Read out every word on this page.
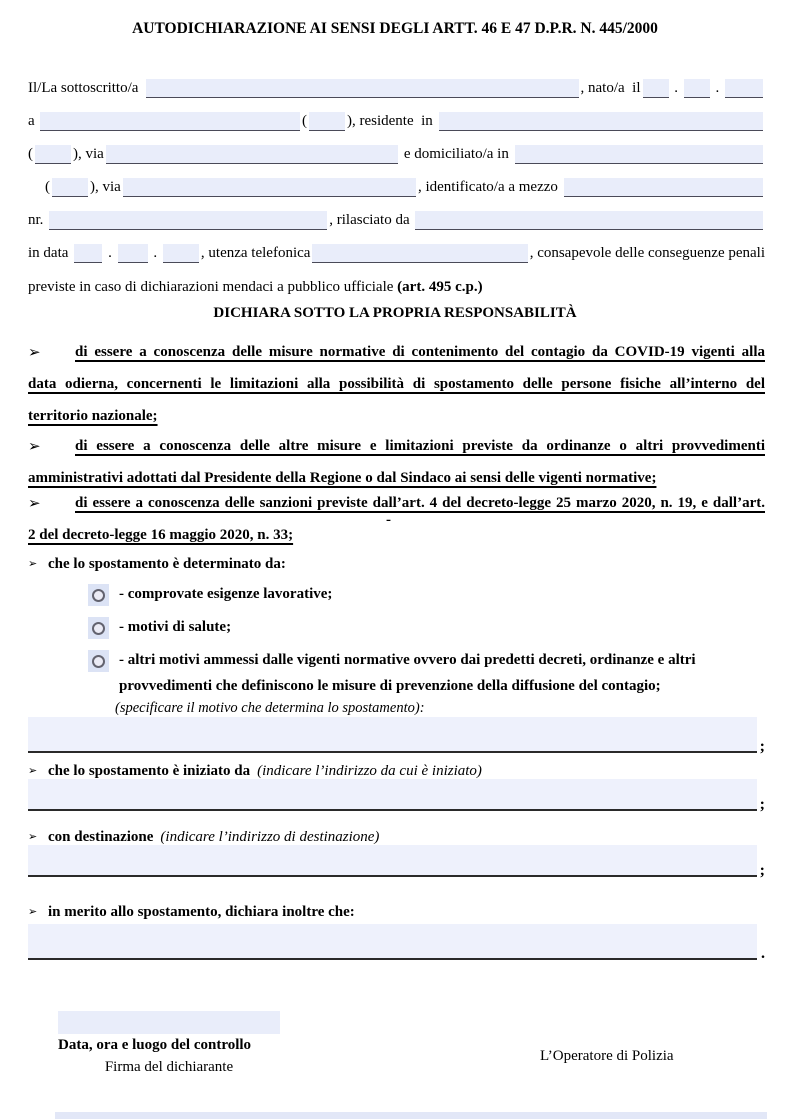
AUTODICHIARAZIONE AI SENSI DEGLI ARTT. 46 E 47 D.P.R. N. 445/2000
Il/La sottoscritto/a	, nato/a  il . .
a	(	), residente  in
(	), via	e domiciliato/a in
(	), via	, identificato/a a mezzo
nr.	, rilasciato da
in data . .	, utenza telefonica	, consapevole delle conseguenze penali
previste in caso di dichiarazioni mendaci a pubblico ufficiale (art. 495 c.p.)
DICHIARA SOTTO LA PROPRIA RESPONSABILITÀ
➢	di essere a conoscenza delle misure normative di contenimento del contagio da COVID-19 vigenti alla
data odierna, concernenti le limitazioni alla possibilità di spostamento delle persone fisiche all’interno del
territorio nazionale;
➢	di essere a conoscenza delle altre misure e limitazioni previste da ordinanze o altri provvedimenti
amministrativi adottati dal Presidente della Regione o dal Sindaco ai sensi delle vigenti normative;
➢	di essere a conoscenza delle sanzioni previste dall’art. 4 del decreto-legge 25 marzo 2020, n. 19, e dall’art.
2 del decreto-legge 16 maggio 2020, n. 33;
-
➢ che lo spostamento è determinato da:
- comprovate esigenze lavorative;
- motivi di salute;
- altri motivi ammessi dalle vigenti normative ovvero dai predetti decreti, ordinanze e altri provvedimenti che definiscono le misure di prevenzione della diffusione del contagio;
(specificare il motivo che determina lo spostamento):
;
➢ che lo spostamento è iniziato da (indicare l’indirizzo da cui è iniziato)
;
➢ con destinazione (indicare l’indirizzo di destinazione)
;
➢ in merito allo spostamento, dichiara inoltre che:
.
Data, ora e luogo del controllo
Firma del dichiarante
L’Operatore di Polizia
